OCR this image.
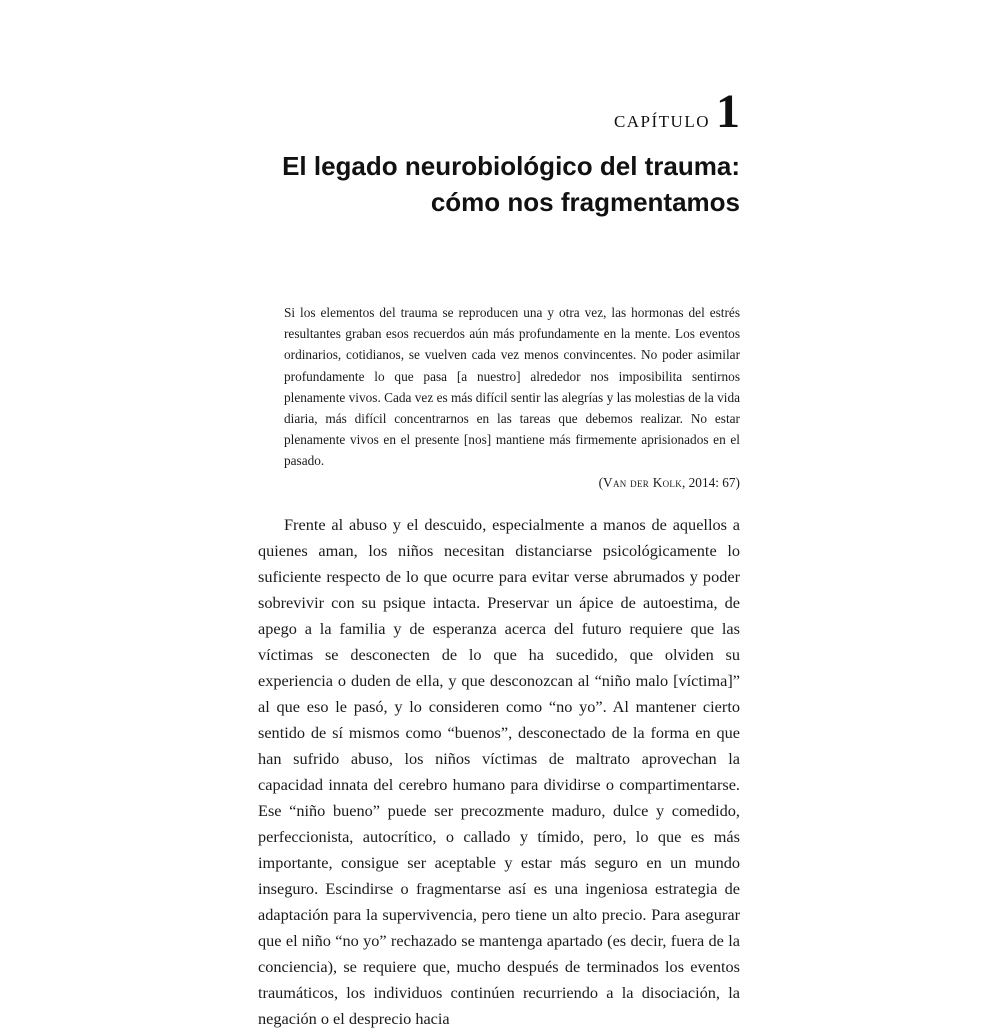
CAPÍTULO 1
El legado neurobiológico del trauma:
cómo nos fragmentamos

Si los elementos del trauma se reproducen una y otra vez, las hormonas del estrés resultantes graban esos recuerdos aún más profundamente en la mente. Los eventos ordinarios, cotidianos, se vuelven cada vez menos convincentes. No poder asimilar profundamente lo que pasa [a nuestro] alrededor nos imposibilita sentirnos plenamente vivos. Cada vez es más difícil sentir las alegrías y las molestias de la vida diaria, más difícil concentrarnos en las tareas que debemos realizar. No estar plenamente vivos en el presente [nos] mantiene más firmemente aprisionados en el pasado.

(Van der Kolk, 2014: 67)

Frente al abuso y el descuido, especialmente a manos de aquellos a quienes aman, los niños necesitan distanciarse psicológicamente lo suficiente respecto de lo que ocurre para evitar verse abrumados y poder sobrevivir con su psique intacta. Preservar un ápice de autoestima, de apego a la familia y de esperanza acerca del futuro requiere que las víctimas se desconecten de lo que ha sucedido, que olviden su experiencia o duden de ella, y que desconozcan al “niño malo [víctima]” al que eso le pasó, y lo consideren como “no yo”. Al mantener cierto sentido de sí mismos como “buenos”, desconectado de la forma en que han sufrido abuso, los niños víctimas de maltrato aprovechan la capacidad innata del cerebro humano para dividirse o compartimentarse. Ese “niño bueno” puede ser precozmente maduro, dulce y comedido, perfeccionista, autocrítico, o callado y tímido, pero, lo que es más importante, consigue ser aceptable y estar más seguro en un mundo inseguro. Escindirse o fragmentarse así es una ingeniosa estrategia de adaptación para la supervivencia, pero tiene un alto precio. Para asegurar que el niño “no yo” rechazado se mantenga apartado (es decir, fuera de la conciencia), se requiere que, mucho después de terminados los eventos traumáticos, los individuos continúen recurriendo a la disociación, la negación o el desprecio hacia
